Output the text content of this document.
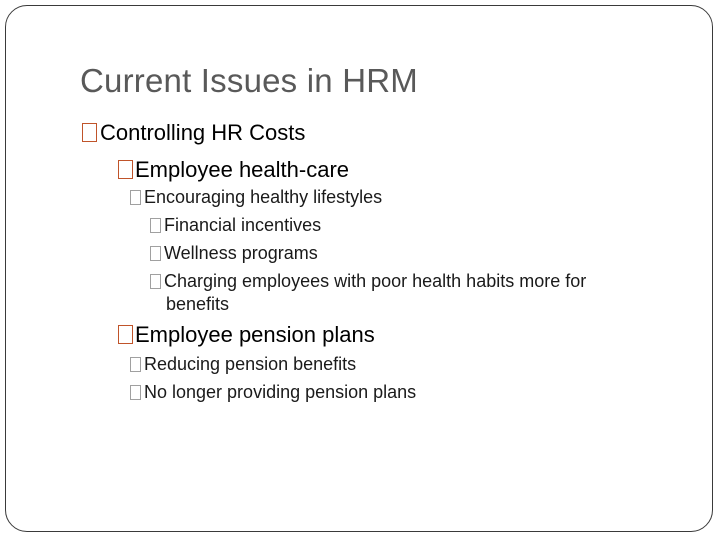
Current Issues in HRM
Controlling HR Costs
Employee health-care
Encouraging healthy lifestyles
Financial incentives
Wellness programs
Charging employees with poor health habits more for
benefits
Employee pension plans
Reducing pension benefits
No longer providing pension plans
